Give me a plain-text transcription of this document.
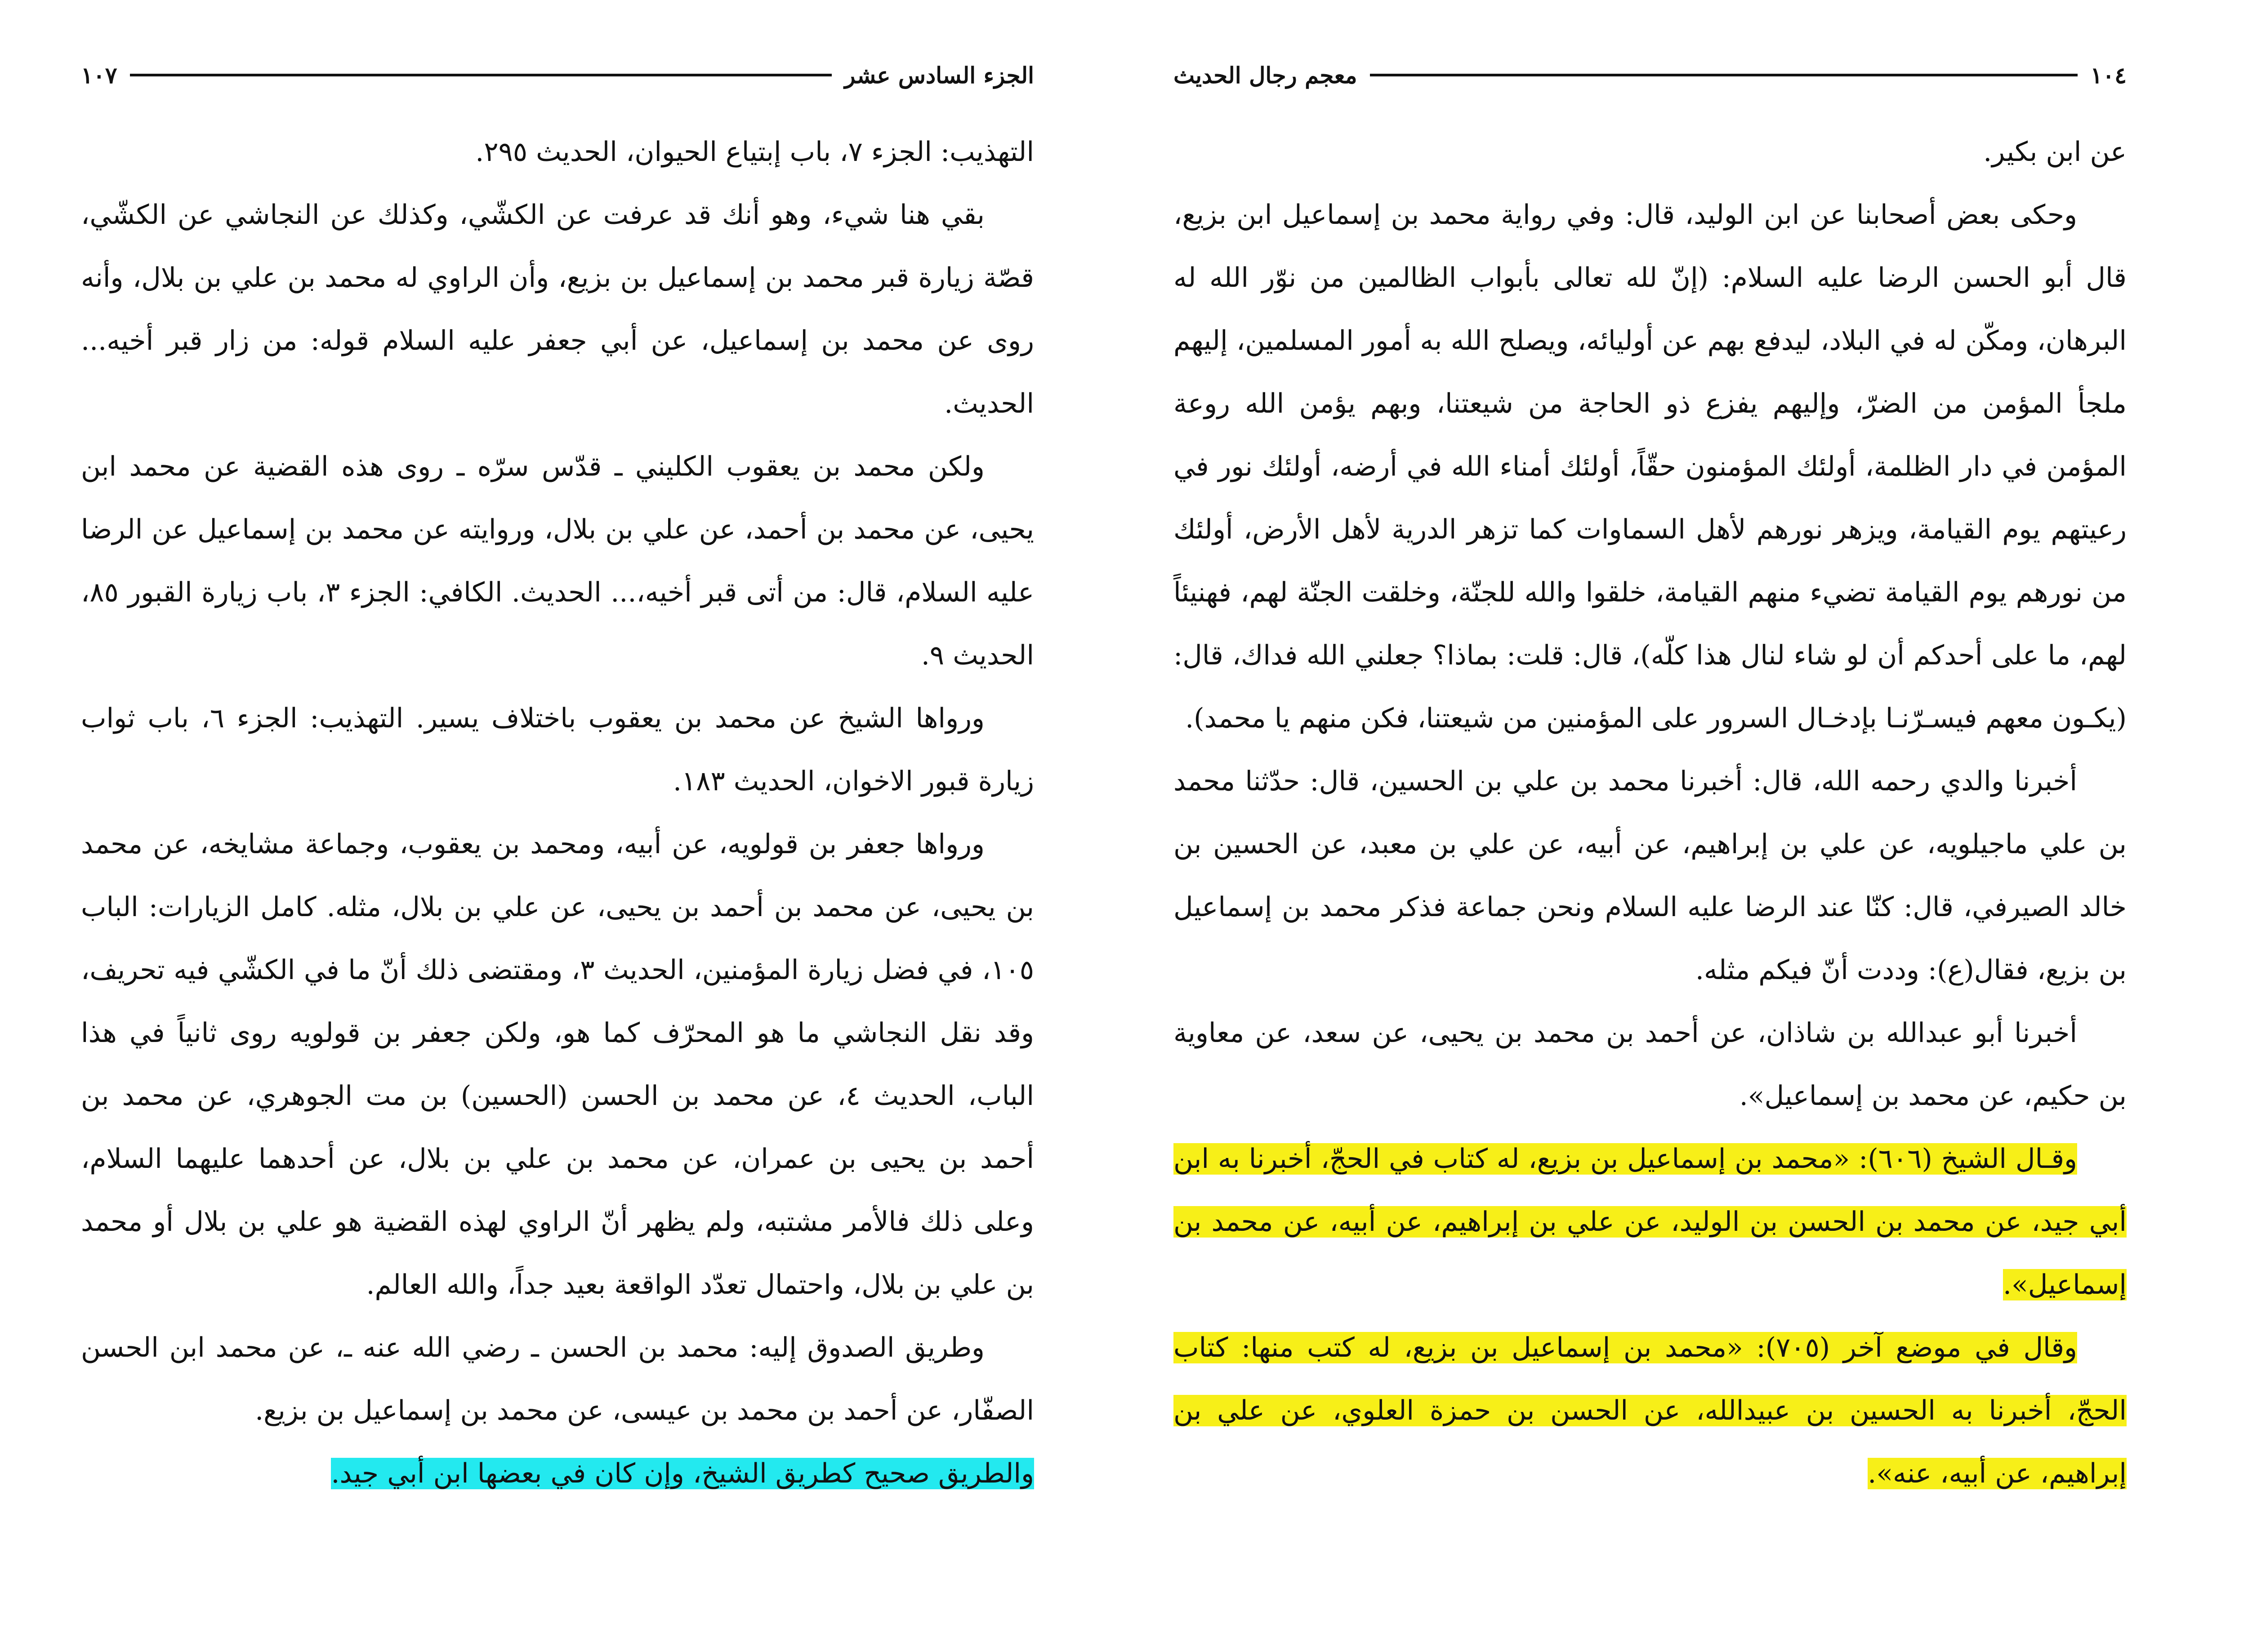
الجزء السادس عشر
١٠٧

التهذيب: الجزء ٧، باب إبتياع الحيوان، الحديث ٢٩٥.

بقي هنا شيء، وهو أنك قد عرفت عن الكشّي، وكذلك عن النجاشي عن الكشّي، قصّة زيارة قبر محمد بن إسماعيل بن بزيع، وأن الراوي له محمد بن علي بن بلال، وأنه روى عن محمد بن إسماعيل، عن أبي جعفر عليه السلام قوله: من زار قبر أخيه... الحديث.

ولكن محمد بن يعقوب الكليني ـ قدّس سرّه ـ روى هذه القضية عن محمد ابن يحيى، عن محمد بن أحمد، عن علي بن بلال، وروايته عن محمد بن إسماعيل عن الرضا عليه السلام، قال: من أتى قبر أخيه،... الحديث. الكافي: الجزء ٣، باب زيارة القبور ٨٥، الحديث ٩.

ورواها الشيخ عن محمد بن يعقوب باختلاف يسير. التهذيب: الجزء ٦، باب ثواب زيارة قبور الاخوان، الحديث ١٨٣.

ورواها جعفر بن قولويه، عن أبيه، ومحمد بن يعقوب، وجماعة مشايخه، عن محمد بن يحيى، عن محمد بن أحمد بن يحيى، عن علي بن بلال، مثله. كامل الزيارات: الباب ١٠٥، في فضل زيارة المؤمنين، الحديث ٣، ومقتضى ذلك أنّ ما في الكشّي فيه تحريف، وقد نقل النجاشي ما هو المحرّف كما هو، ولكن جعفر بن قولويه روى ثانياً في هذا الباب، الحديث ٤، عن محمد بن الحسن (الحسين) بن مت الجوهري، عن محمد بن أحمد بن يحيى بن عمران، عن محمد بن علي بن بلال، عن أحدهما عليهما السلام، وعلى ذلك فالأمر مشتبه، ولم يظهر أنّ الراوي لهذه القضية هو علي بن بلال أو محمد بن علي بن بلال، واحتمال تعدّد الواقعة بعيد جداً، والله العالم.

وطريق الصدوق إليه: محمد بن الحسن ـ رضي الله عنه ـ، عن محمد ابن الحسن الصفّار، عن أحمد بن محمد بن عيسى، عن محمد بن إسماعيل بن بزيع.

والطريق صحيح كطريق الشيخ، وإن كان في بعضها ابن أبي جيد.

١٠٤
معجم رجال الحديث

عن ابن بكير.

وحكى بعض أصحابنا عن ابن الوليد، قال: وفي رواية محمد بن إسماعيل ابن بزيع، قال أبو الحسن الرضا عليه السلام: (إنّ لله تعالى بأبواب الظالمين من نوّر الله له البرهان، ومكّن له في البلاد، ليدفع بهم عن أوليائه، ويصلح الله به أمور المسلمين، إليهم ملجأ المؤمن من الضرّ، وإليهم يفزع ذو الحاجة من شيعتنا، وبهم يؤمن الله روعة المؤمن في دار الظلمة، أولئك المؤمنون حقّاً، أولئك أمناء الله في أرضه، أولئك نور في رعيتهم يوم القيامة، ويزهر نورهم لأهل السماوات كما تزهر الدرية لأهل الأرض، أولئك من نورهم يوم القيامة تضيء منهم القيامة، خلقوا والله للجنّة، وخلقت الجنّة لهم، فهنيئاً لهم، ما على أحدكم أن لو شاء لنال هذا كلّه)، قال: قلت: بماذا؟ جعلني الله فداك، قال: (يكـون معهم فيسـرّنـا بإدخـال السرور على المؤمنين من شيعتنا، فكن منهم يا محمد).

أخبرنا والدي رحمه الله، قال: أخبرنا محمد بن علي بن الحسين، قال: حدّثنا محمد بن علي ماجيلويه، عن علي بن إبراهيم، عن أبيه، عن علي بن معبد، عن الحسين بن خالد الصيرفي، قال: كنّا عند الرضا عليه السلام ونحن جماعة فذكر محمد بن إسماعيل بن بزيع، فقال(ع): وددت أنّ فيكم مثله.

أخبرنا أبو عبدالله بن شاذان، عن أحمد بن محمد بن يحيى، عن سعد، عن معاوية بن حكيم، عن محمد بن إسماعيل».

وقـال الشيخ (٦٠٦): «محمد بن إسماعيل بن بزيع، له كتاب في الحجّ، أخبرنا به ابن أبي جيد، عن محمد بن الحسن بن الوليد، عن علي بن إبراهيم، عن أبيه، عن محمد بن إسماعيل».

وقال في موضع آخر (٧٠٥): «محمد بن إسماعيل بن بزيع، له كتب منها: كتاب الحجّ، أخبرنا به الحسين بن عبيدالله، عن الحسن بن حمزة العلوي، عن علي بن إبراهيم، عن أبيه، عنه».
